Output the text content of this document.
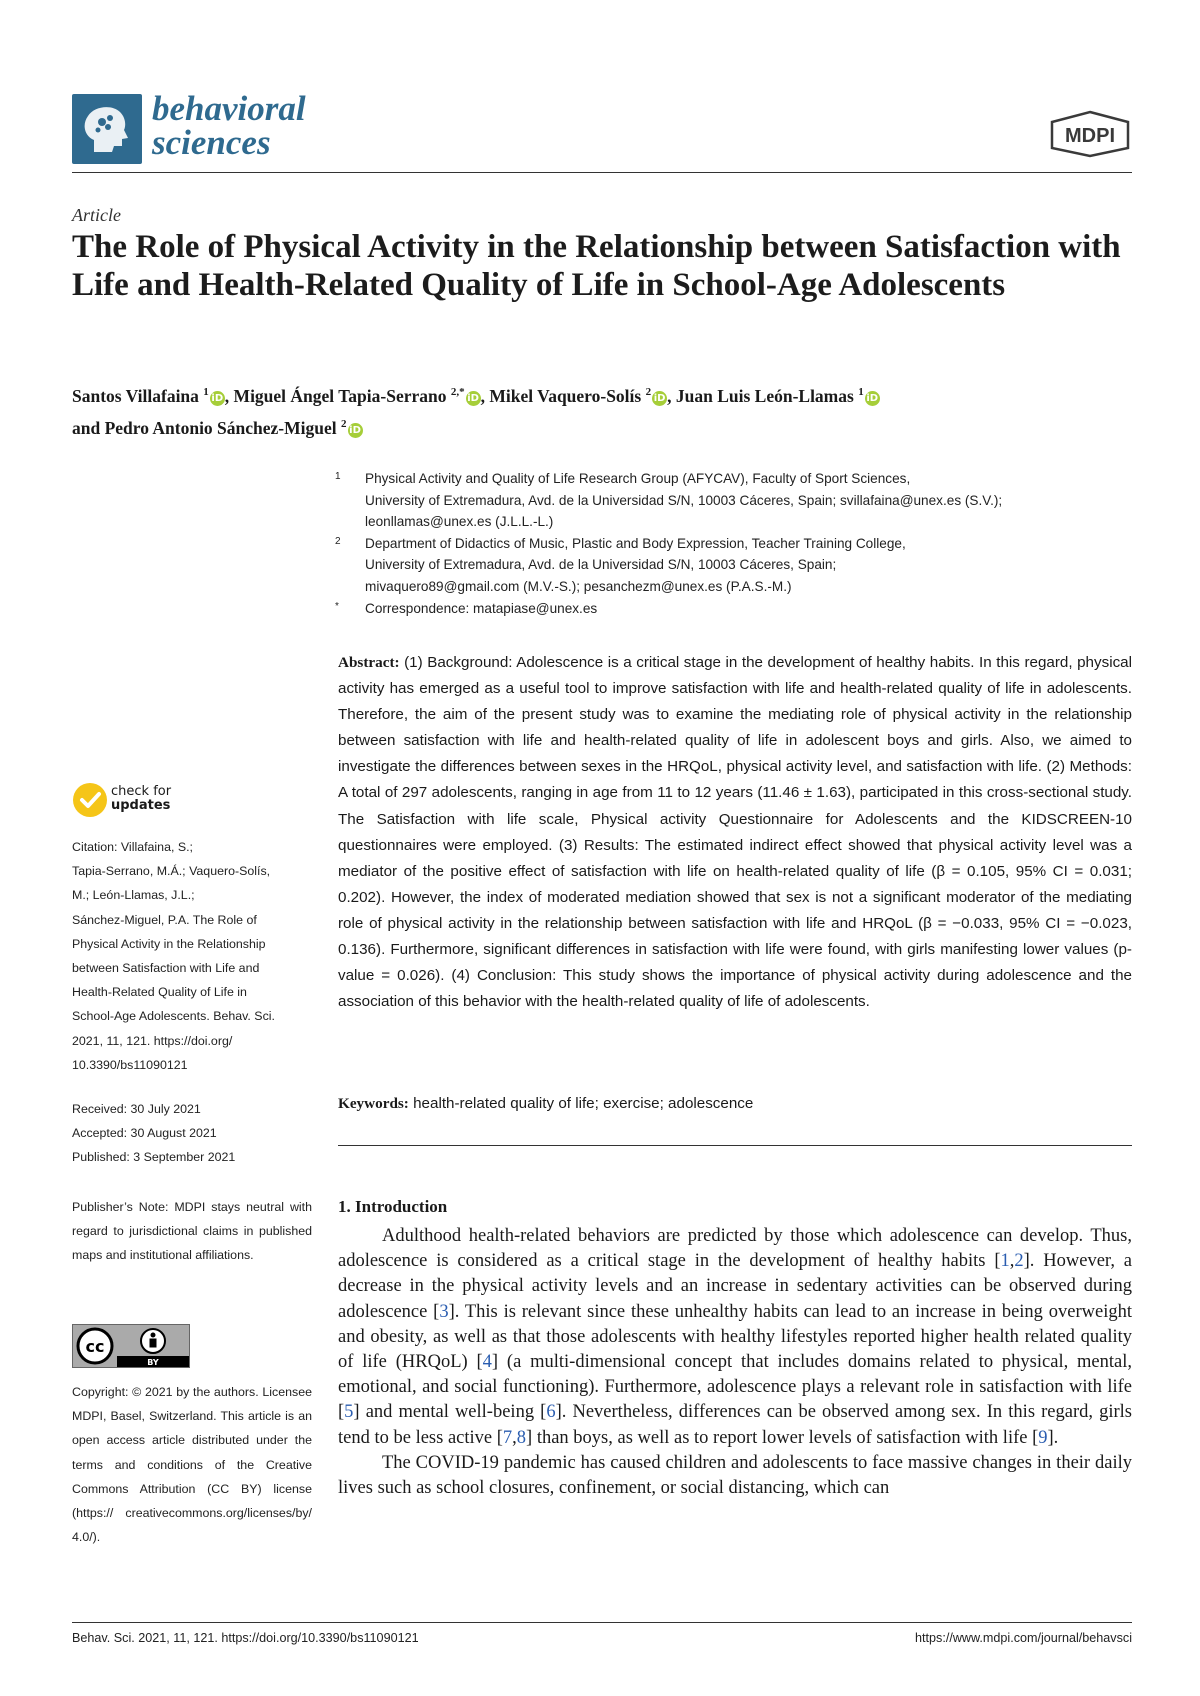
behavioral
sciences	MDPI
Article
The Role of Physical Activity in the Relationship between Satisfaction with Life and Health-Related Quality of Life in School-Age Adolescents
Santos Villafaina $^1$iD, Miguel Ángel Tapia-Serrano $^{2,*}$iD, Mikel Vaquero-Solís $^2$iD, Juan Luis León-Llamas $^1$iD
and Pedro Antonio Sánchez-Miguel $^2$iD
1 Physical Activity and Quality of Life Research Group (AFYCAV), Faculty of Sport Sciences,
University of Extremadura, Avd. de la Universidad S/N, 10003 Cáceres, Spain; svillafaina@unex.es (S.V.);
leonllamas@unex.es (J.L.L.-L.)
2 Department of Didactics of Music, Plastic and Body Expression, Teacher Training College,
University of Extremadura, Avd. de la Universidad S/N, 10003 Cáceres, Spain;
mivaquero89@gmail.com (M.V.-S.); pesanchezm@unex.es (P.A.S.-M.)
* Correspondence: matapiase@unex.es
Abstract: (1) Background: Adolescence is a critical stage in the development of healthy habits. In this regard, physical activity has emerged as a useful tool to improve satisfaction with life and health-related quality of life in adolescents. Therefore, the aim of the present study was to examine the mediating role of physical activity in the relationship between satisfaction with life and health-related quality of life in adolescent boys and girls. Also, we aimed to investigate the differences between sexes in the HRQoL, physical activity level, and satisfaction with life. (2) Methods: A total of 297 adolescents, ranging in age from 11 to 12 years (11.46 ± 1.63), participated in this cross-sectional study. The Satisfaction with life scale, Physical activity Questionnaire for Adolescents and the KIDSCREEN-10 questionnaires were employed. (3) Results: The estimated indirect effect showed that physical activity level was a mediator of the positive effect of satisfaction with life on health-related quality of life (β = 0.105, 95% CI = 0.031; 0.202). However, the index of moderated mediation showed that sex is not a significant moderator of the mediating role of physical activity in the relationship between satisfaction with life and HRQoL (β = −0.033, 95% CI = −0.023, 0.136). Furthermore, significant differences in satisfaction with life were found, with girls manifesting lower values (p-value = 0.026). (4) Conclusion: This study shows the importance of physical activity during adolescence and the association of this behavior with the health-related quality of life of adolescents.
Keywords: health-related quality of life; exercise; adolescence
1. Introduction

Adulthood health-related behaviors are predicted by those which adolescence can develop. Thus, adolescence is considered as a critical stage in the development of healthy habits [1,2]. However, a decrease in the physical activity levels and an increase in sedentary activities can be observed during adolescence [3]. This is relevant since these unhealthy habits can lead to an increase in being overweight and obesity, as well as that those adolescents with healthy lifestyles reported higher health related quality of life (HRQoL) [4] (a multi-dimensional concept that includes domains related to physical, mental, emotional, and social functioning). Furthermore, adolescence plays a relevant role in satisfaction with life [5] and mental well-being [6]. Nevertheless, differences can be observed among sex. In this regard, girls tend to be less active [7,8] than boys, as well as to report lower levels of satisfaction with life [9].

The COVID-19 pandemic has caused children and adolescents to face massive changes in their daily lives such as school closures, confinement, or social distancing, which can

check for
updates
Citation: Villafaina, S.;
Tapia-Serrano, M.Á.; Vaquero-Solís,
M.; León-Llamas, J.L.;
Sánchez-Miguel, P.A. The Role of
Physical Activity in the Relationship
between Satisfaction with Life and
Health-Related Quality of Life in
School-Age Adolescents. Behav. Sci.
2021, 11, 121. https://doi.org/
10.3390/bs11090121
Received: 30 July 2021
Accepted: 30 August 2021
Published: 3 September 2021
Publisher’s Note: MDPI stays neutral with regard to jurisdictional claims in published maps and institutional affiliations.
cc
BY
Copyright: © 2021 by the authors. Licensee MDPI, Basel, Switzerland. This article is an open access article distributed under the terms and conditions of the Creative Commons Attribution (CC BY) license (https:// creativecommons.org/licenses/by/ 4.0/).
Behav. Sci. 2021, 11, 121. https://doi.org/10.3390/bs11090121	https://www.mdpi.com/journal/behavsci
